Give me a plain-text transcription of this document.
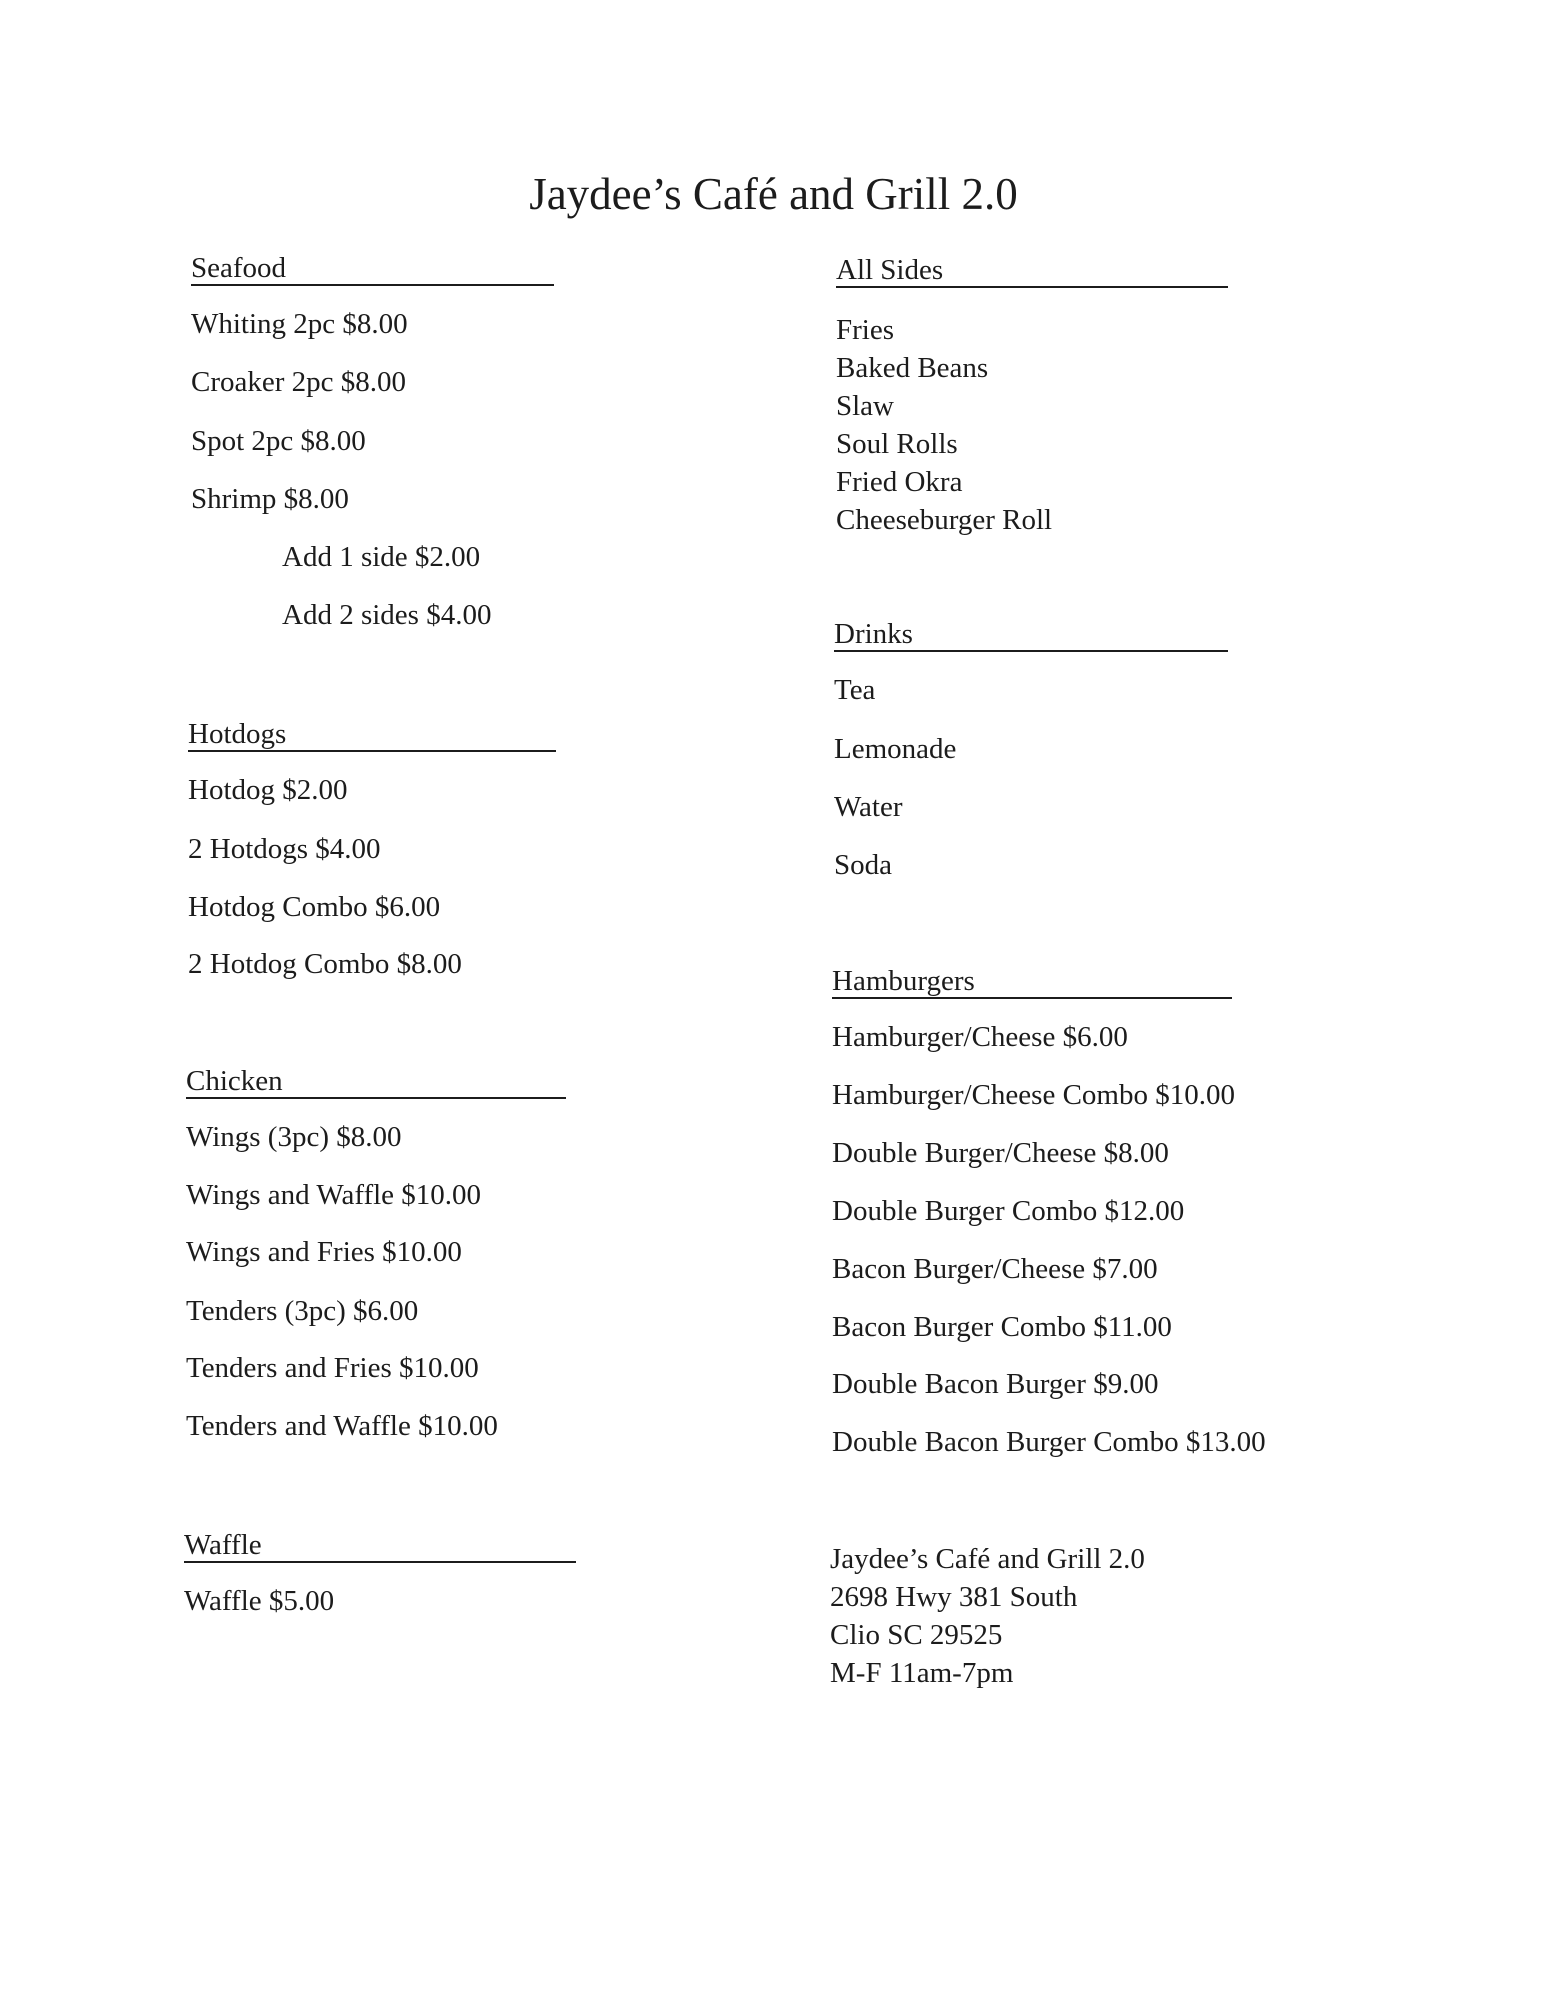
Jaydee’s Café and Grill 2.0
Seafood
Whiting 2pc $8.00
Croaker 2pc $8.00
Spot 2pc $8.00
Shrimp $8.00
Add 1 side $2.00
Add 2 sides $4.00
Hotdogs
Hotdog $2.00
2 Hotdogs $4.00
Hotdog Combo $6.00
2 Hotdog Combo $8.00
Chicken
Wings (3pc) $8.00
Wings and Waffle $10.00
Wings and Fries $10.00
Tenders (3pc) $6.00
Tenders and Fries $10.00
Tenders and Waffle $10.00
Waffle
Waffle $5.00
All Sides
Fries
Baked Beans
Slaw
Soul Rolls
Fried Okra
Cheeseburger Roll
Drinks
Tea
Lemonade
Water
Soda
Hamburgers
Hamburger/Cheese $6.00
Hamburger/Cheese Combo $10.00
Double Burger/Cheese $8.00
Double Burger Combo $12.00
Bacon Burger/Cheese $7.00
Bacon Burger Combo $11.00
Double Bacon Burger $9.00
Double Bacon Burger Combo $13.00
Jaydee’s Café and Grill 2.0
2698 Hwy 381 South
Clio SC 29525
M-F 11am-7pm
